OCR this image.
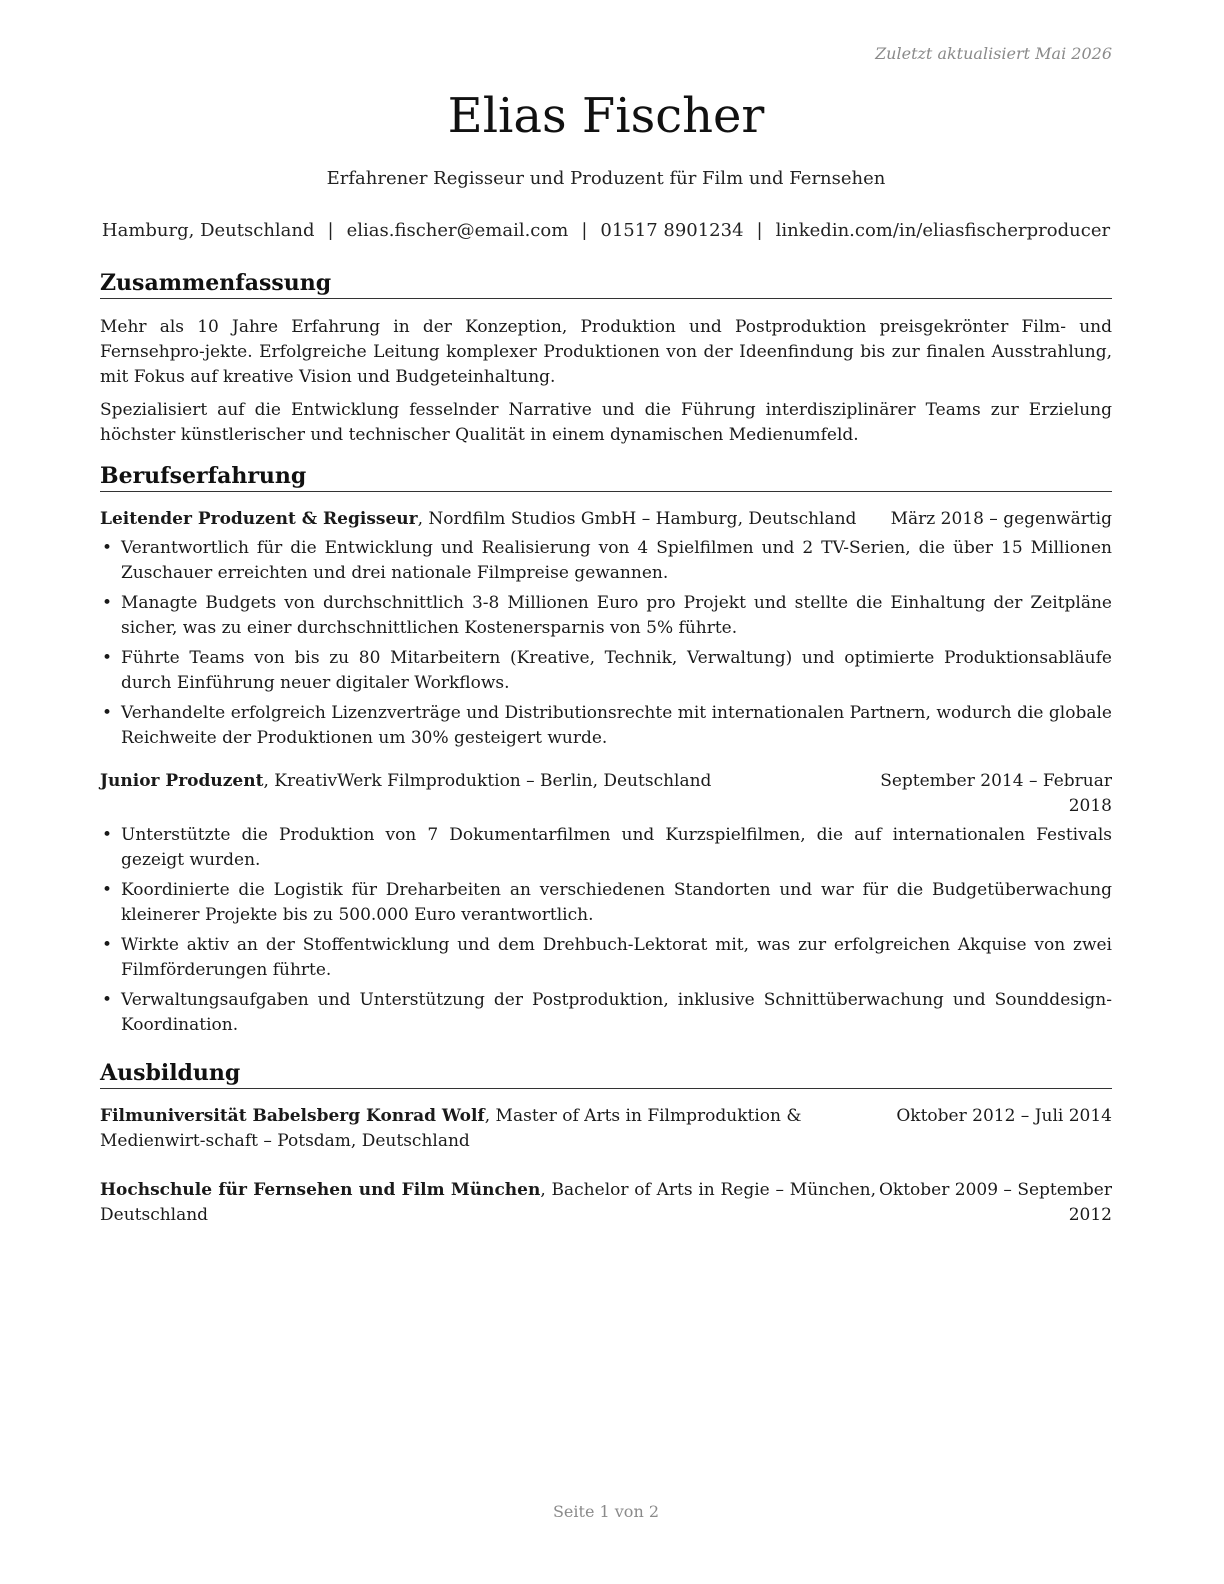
Zuletzt aktualisiert Mai 2026
Elias Fischer
Erfahrener Regisseur und Produzent für Film und Fernsehen
Hamburg, Deutschland | elias.fischer@email.com | 01517 8901234 | linkedin.com/in/eliasfischerproducer
Zusammenfassung

Mehr als 10 Jahre Erfahrung in der Konzeption, Produktion und Postproduktion preisgekrönter Film- und Fernsehpro-jekte. Erfolgreiche Leitung komplexer Produktionen von der Ideenfindung bis zur finalen Ausstrahlung, mit Fokus auf kreative Vision und Budgeteinhaltung.

Spezialisiert auf die Entwicklung fesselnder Narrative und die Führung interdisziplinärer Teams zur Erzielung höchster künstlerischer und technischer Qualität in einem dynamischen Medienumfeld.

Berufserfahrung
Leitender Produzent & Regisseur, Nordfilm Studios GmbH – Hamburg, Deutschland	März 2018 – gegenwärtig
• Verantwortlich für die Entwicklung und Realisierung von 4 Spielfilmen und 2 TV-Serien, die über 15 Millionen Zuschauer erreichten und drei nationale Filmpreise gewannen.
• Managte Budgets von durchschnittlich 3-8 Millionen Euro pro Projekt und stellte die Einhaltung der Zeitpläne sicher, was zu einer durchschnittlichen Kostenersparnis von 5% führte.
• Führte Teams von bis zu 80 Mitarbeitern (Kreative, Technik, Verwaltung) und optimierte Produktionsabläufe durch Einführung neuer digitaler Workflows.
• Verhandelte erfolgreich Lizenzverträge und Distributionsrechte mit internationalen Partnern, wodurch die globale Reichweite der Produktionen um 30% gesteigert wurde.
Junior Produzent, KreativWerk Filmproduktion – Berlin, Deutschland	September 2014 – Februar 2018
• Unterstützte die Produktion von 7 Dokumentarfilmen und Kurzspielfilmen, die auf internationalen Festivals gezeigt wurden.
• Koordinierte die Logistik für Dreharbeiten an verschiedenen Standorten und war für die Budgetüberwachung kleinerer Projekte bis zu 500.000 Euro verantwortlich.
• Wirkte aktiv an der Stoffentwicklung und dem Drehbuch-Lektorat mit, was zur erfolgreichen Akquise von zwei Filmförderungen führte.
• Verwaltungsaufgaben und Unterstützung der Postproduktion, inklusive Schnittüberwachung und Sounddesign-Koordination.
Ausbildung
Filmuniversität Babelsberg Konrad Wolf, Master of Arts in Filmproduktion & Medienwirt-schaft – Potsdam, Deutschland
Oktober 2012 – Juli 2014
Hochschule für Fernsehen und Film München, Bachelor of Arts in Regie – München, Deutschland
Oktober 2009 – September 2012
Seite 1 von 2
